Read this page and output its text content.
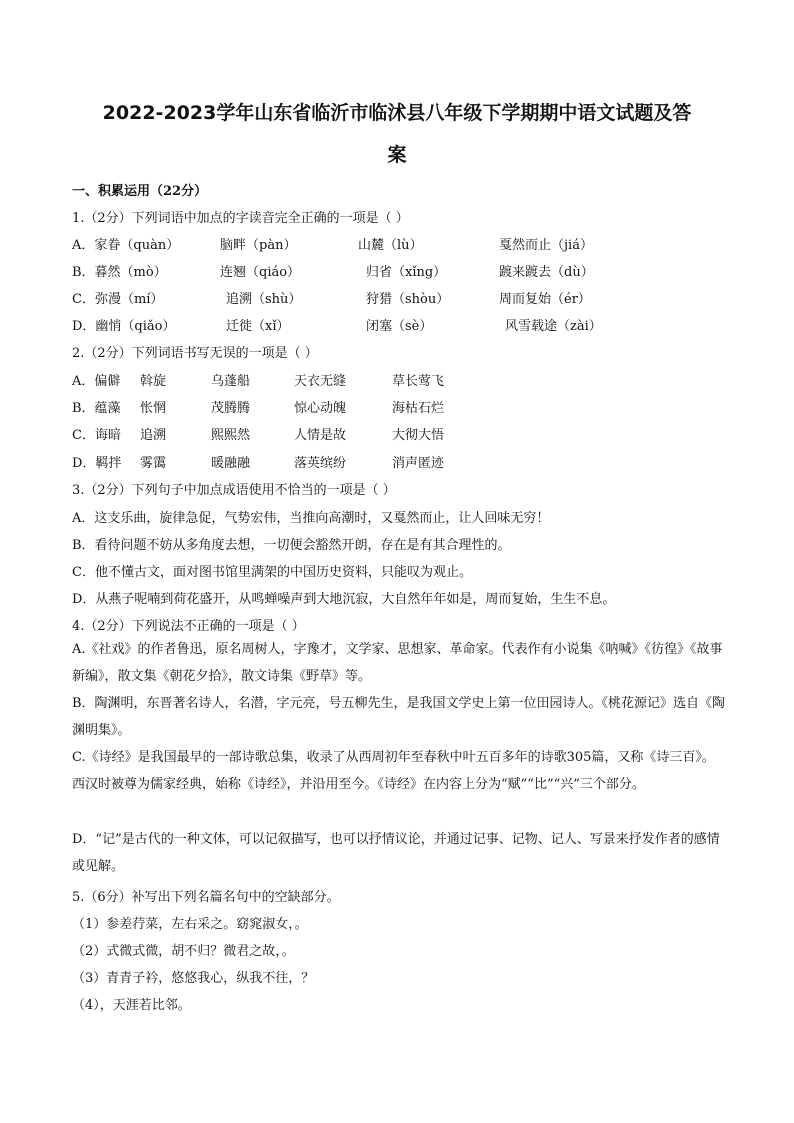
2022-2023学年山东省临沂市临沭县八年级下学期期中语文试题及答
案
一、积累运用（22分）
1.（2分）下列词语中加点的字读音完全正确的一项是（ ）
A．家眷（quàn）	脑畔（pàn）	山麓（lù）	戛然而止（jiá）
B．暮然（mò）	连翘（qiáo）	归省（xǐng）	踱来踱去（dù）
C．弥漫（mí）	追溯（shù）	狩猎（shòu）	周而复始（ér）
D．幽悄（qiǎo）	迁徙（xǐ）	闭塞（sè）	风雪载途（zài）
2.（2分）下列词语书写无误的一项是（ ）
A．偏僻 斡旋	乌蓬船	天衣无缝	草长莺飞
B．蕴藻 怅惘	茂腾腾	惊心动魄	海枯石烂
C．诲暗 追溯	熙熙然	人情是故	大彻大悟
D．羁拌 雾霭	暖融融	落英缤纷	消声匿迹
3.（2分）下列句子中加点成语使用不恰当的一项是（ ）
A．这支乐曲，旋律急促，气势宏伟，当推向高潮时，又戛然而止，让人回味无穷！
B．看待问题不妨从多角度去想，一切便会豁然开朗，存在是有其合理性的。
C．他不懂古文，面对图书馆里满架的中国历史资料，只能叹为观止。
D．从燕子呢喃到荷花盛开，从鸣蝉噪声到大地沉寂，大自然年年如是，周而复始，生生不息。
4.（2分）下列说法不正确的一项是（ ）
A.《社戏》的作者鲁迅，原名周树人，字豫才，文学家、思想家、革命家。代表作有小说集《呐喊》《彷徨》《故事新编》，散文集《朝花夕拾》，散文诗集《野草》等。
B．陶渊明，东晋著名诗人，名潜，字元亮，号五柳先生，是我国文学史上第一位田园诗人。《桃花源记》选自《陶渊明集》。
C.《诗经》是我国最早的一部诗歌总集，收录了从西周初年至春秋中叶五百多年的诗歌305篇，又称《诗三百》。西汉时被尊为儒家经典，始称《诗经》，并沿用至今。《诗经》在内容上分为“赋”“比”“兴”三个部分。
D．“记”是古代的一种文体，可以记叙描写，也可以抒情议论，并通过记事、记物、记人、写景来抒发作者的感情或见解。
5.（6分）补写出下列名篇名句中的空缺部分。
（1）参差荇菜，左右采之。窈窕淑女，。
（2）式微式微，胡不归？微君之故，。
（3）青青子衿，悠悠我心，纵我不往，？
（4），天涯若比邻。
